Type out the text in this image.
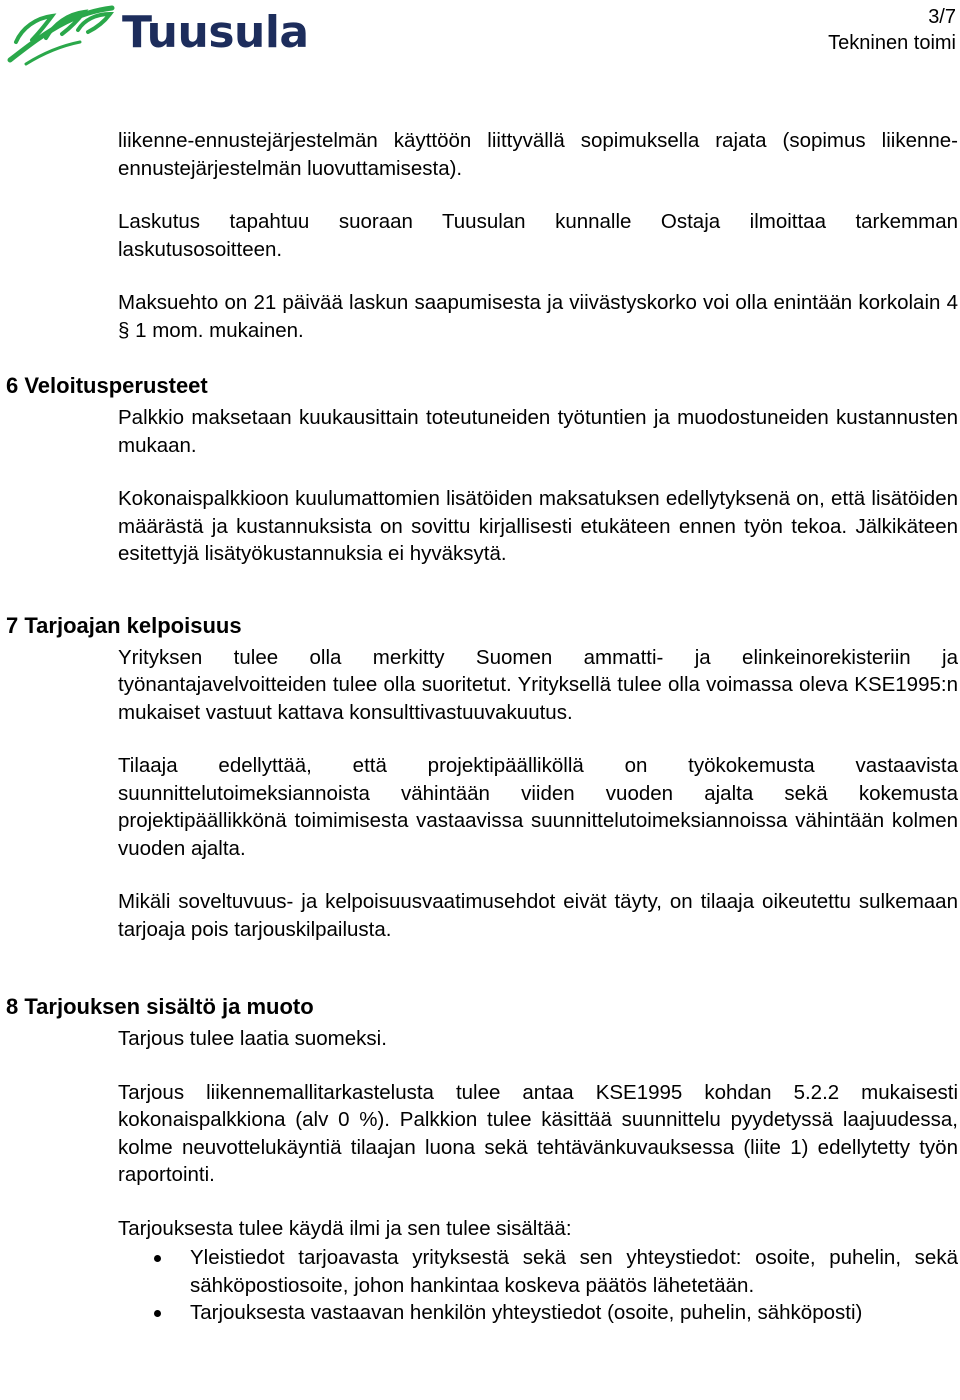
Tuusula	3/7
Tekninen toimi

liikenne-ennustejärjestelmän käyttöön liittyvällä sopimuksella rajata (sopimus liikenne-ennustejärjestelmän luovuttamisesta).

Laskutus tapahtuu suoraan Tuusulan kunnalle Ostaja ilmoittaa tarkemman laskutusosoitteen.

Maksuehto on 21 päivää laskun saapumisesta ja viivästyskorko voi olla enintään korkolain 4 § 1 mom. mukainen.

6 Veloitusperusteet

Palkkio maksetaan kuukausittain toteutuneiden työtuntien ja muodostuneiden kustannusten mukaan.

Kokonaispalkkioon kuulumattomien lisätöiden maksatuksen edellytyksenä on, että lisätöiden määrästä ja kustannuksista on sovittu kirjallisesti etukäteen ennen työn tekoa. Jälkikäteen esitettyjä lisätyökustannuksia ei hyväksytä.

7 Tarjoajan kelpoisuus

Yrityksen tulee olla merkitty Suomen ammatti- ja elinkeinorekisteriin ja työnantajavelvoitteiden tulee olla suoritetut. Yrityksellä tulee olla voimassa oleva KSE1995:n mukaiset vastuut kattava konsulttivastuuvakuutus.

Tilaaja edellyttää, että projektipäälliköllä on työkokemusta vastaavista suunnittelutoimeksiannoista vähintään viiden vuoden ajalta sekä kokemusta projektipäällikkönä toimimisesta vastaavissa suunnittelutoimeksiannoissa vähintään kolmen vuoden ajalta.

Mikäli soveltuvuus- ja kelpoisuusvaatimusehdot eivät täyty, on tilaaja oikeutettu sulkemaan tarjoaja pois tarjouskilpailusta.

8 Tarjouksen sisältö ja muoto

Tarjous tulee laatia suomeksi.

Tarjous liikennemallitarkastelusta tulee antaa KSE1995 kohdan 5.2.2 mukaisesti kokonaispalkkiona (alv 0 %). Palkkion tulee käsittää suunnittelu pyydetyssä laajuudessa, kolme neuvottelukäyntiä tilaajan luona sekä tehtävänkuvauksessa (liite 1) edellytetty työn raportointi.

Tarjouksesta tulee käydä ilmi ja sen tulee sisältää:

Yleistiedot tarjoavasta yrityksestä sekä sen yhteystiedot: osoite, puhelin, sekä sähköpostiosoite, johon hankintaa koskeva päätös lähetetään.
Tarjouksesta vastaavan henkilön yhteystiedot (osoite, puhelin, sähköposti)
